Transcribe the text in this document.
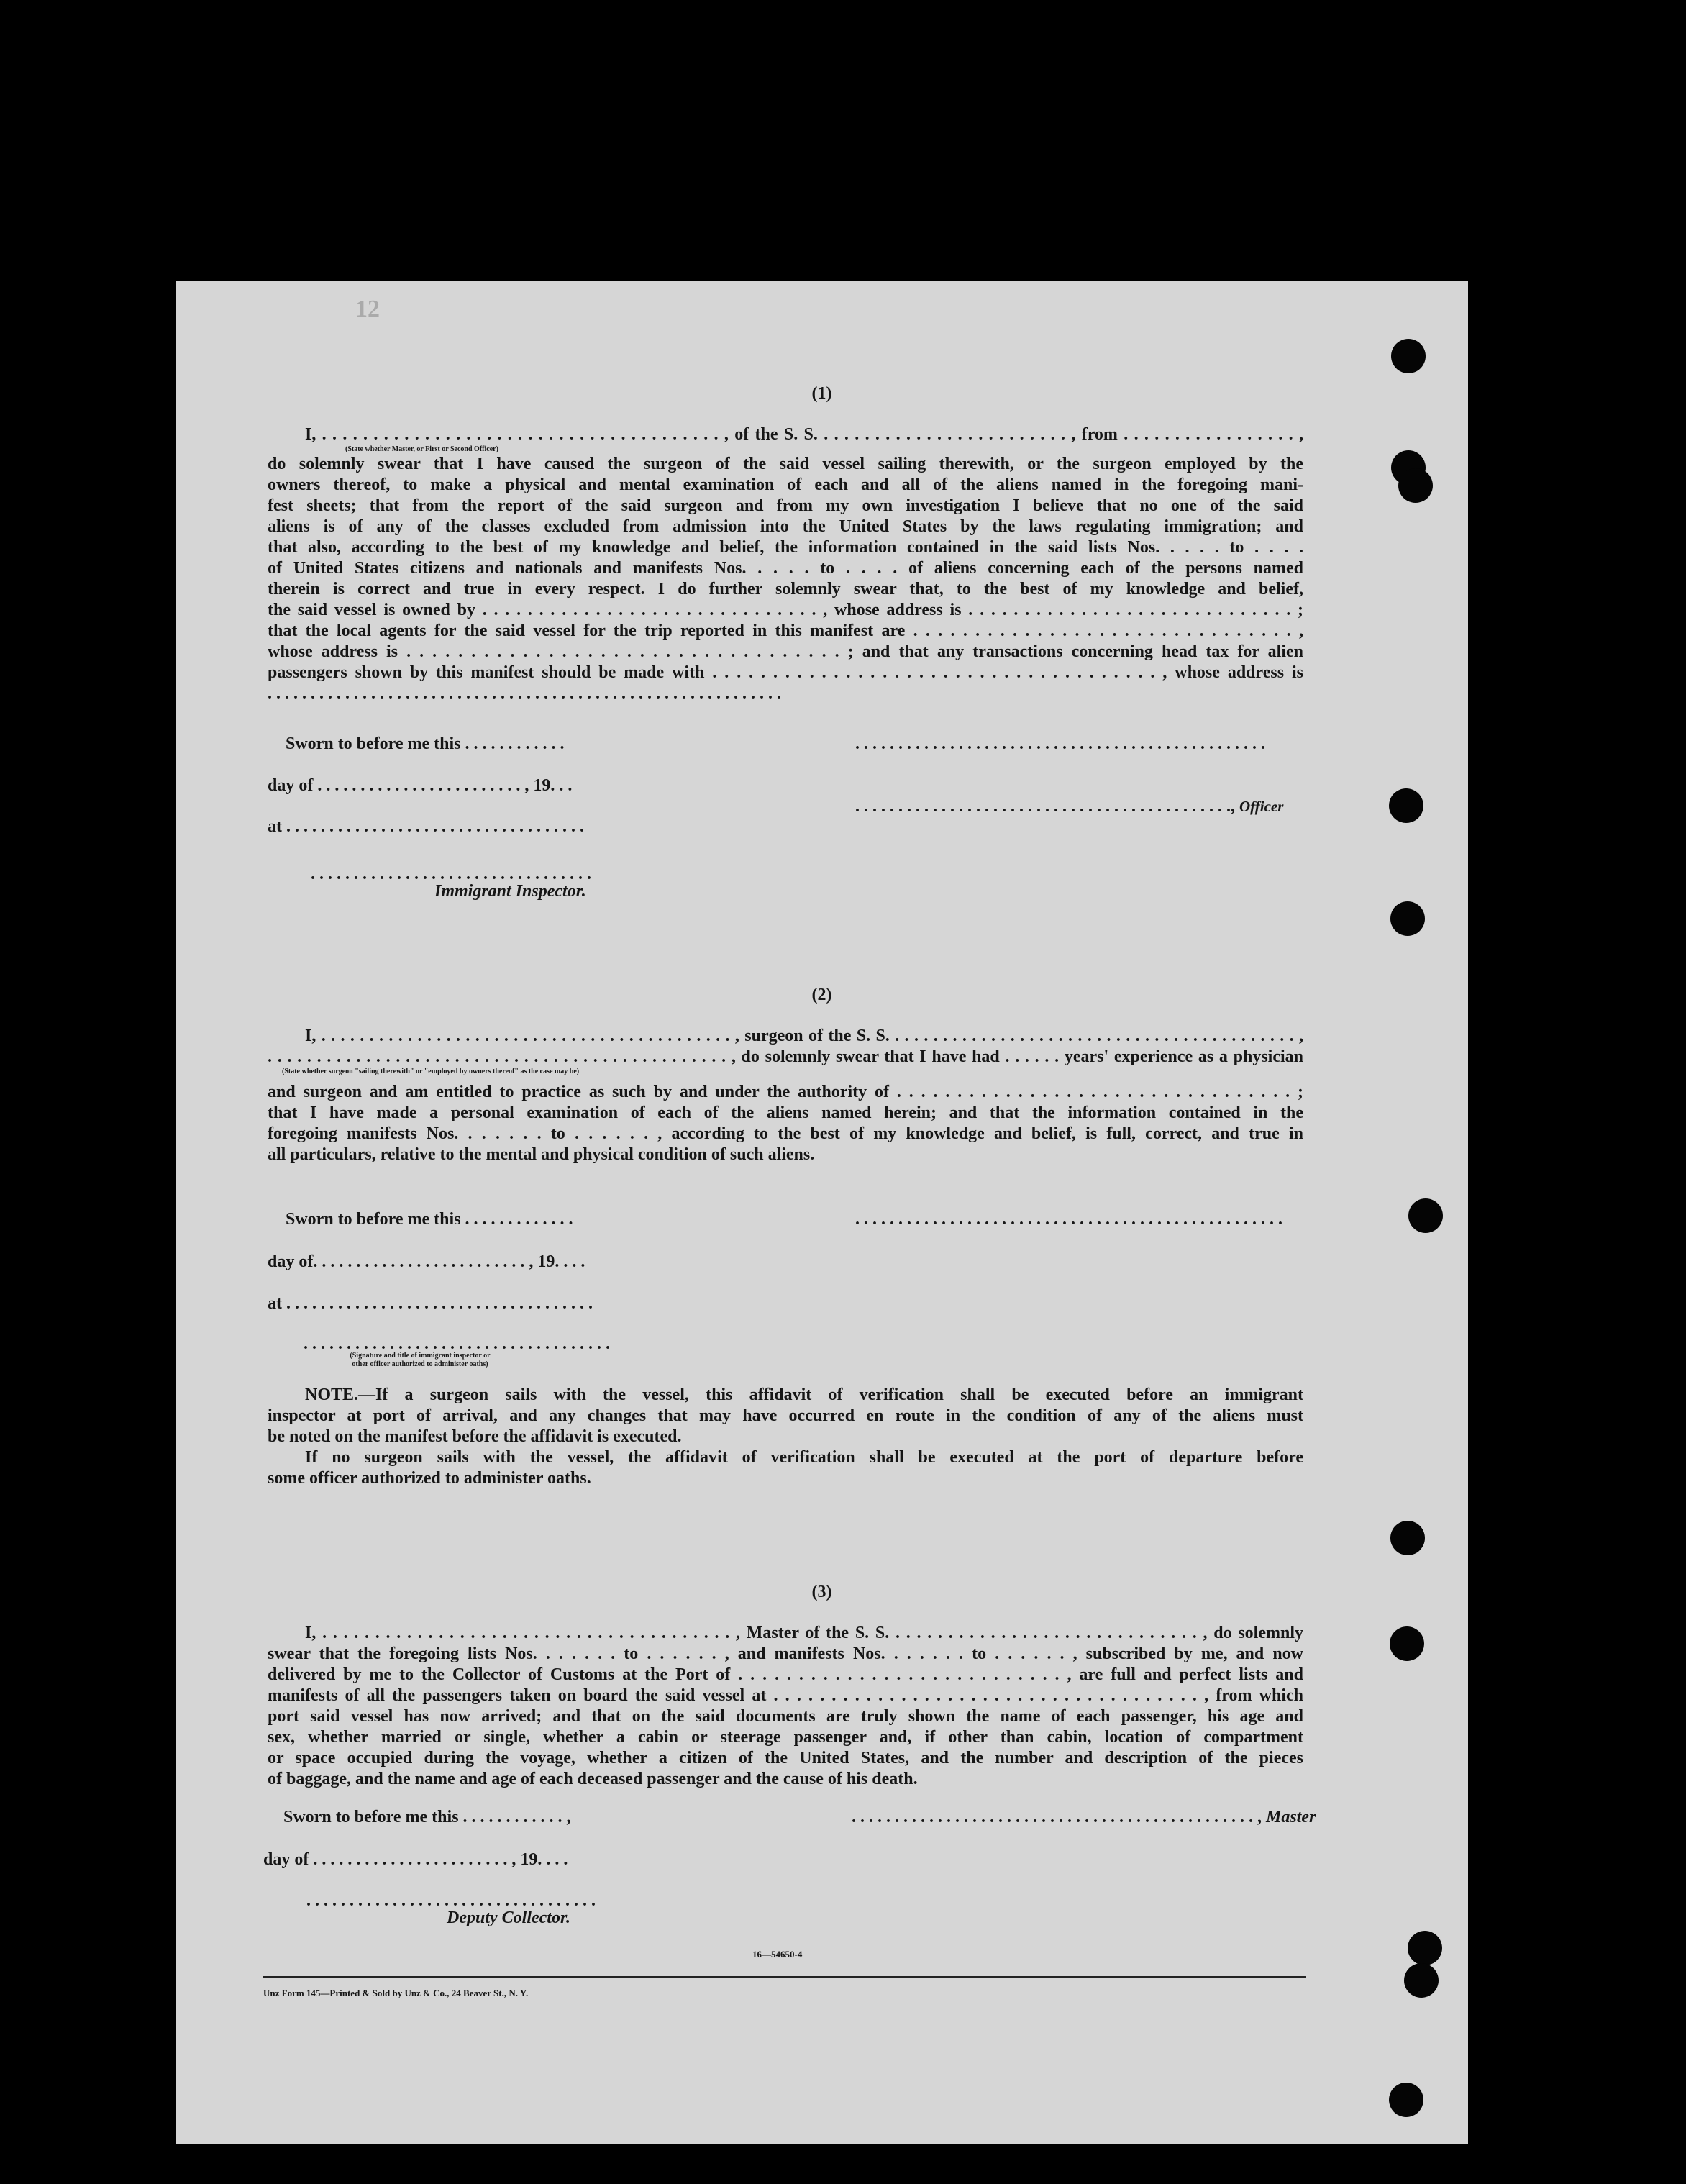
12
(1)
I, . . . . . . . . . . . . . . . . . . . . . . . . . . . . . . . . . . . . . . . , of the S. S. . . . . . . . . . . . . . . . . . . . . . . . . , from . . . . . . . . . . . . . . . . . ,
(State whether Master, or First or Second Officer)
do solemnly swear that I have caused the surgeon of the said vessel sailing therewith, or the surgeon employed by the
owners thereof, to make a physical and mental examination of each and all of the aliens named in the foregoing mani-
fest sheets; that from the report of the said surgeon and from my own investigation I believe that no one of the said
aliens is of any of the classes excluded from admission into the United States by the laws regulating immigration; and
that also, according to the best of my knowledge and belief, the information contained in the said lists Nos. . . . . to . . . .
of United States citizens and nationals and manifests Nos. . . . . to . . . . of aliens concerning each of the persons named
therein is correct and true in every respect. I do further solemnly swear that, to the best of my knowledge and belief,
the said vessel is owned by . . . . . . . . . . . . . . . . . . . . . . . . . . . . . . , whose address is . . . . . . . . . . . . . . . . . . . . . . . . . . . . . ;
that the local agents for the said vessel for the trip reported in this manifest are . . . . . . . . . . . . . . . . . . . . . . . . . . . . . . . ,
whose address is . . . . . . . . . . . . . . . . . . . . . . . . . . . . . . . . . . ; and that any transactions concerning head tax for alien
passengers shown by this manifest should be made with . . . . . . . . . . . . . . . . . . . . . . . . . . . . . . . . . . . . . , whose address is
. . . . . . . . . . . . . . . . . . . . . . . . . . . . . . . . . . . . . . . . . . . . . . . . . . . . . . . . . . . .
Sworn to before me this . . . . . . . . . . . .
day of . . . . . . . . . . . . . . . . . . . . . . . . , 19. . .
at . . . . . . . . . . . . . . . . . . . . . . . . . . . . . . . . . . .
. . . . . . . . . . . . . . . . . . . . . . . . . . . . . . . . .
Immigrant Inspector.
. . . . . . . . . . . . . . . . . . . . . . . . . . . . . . . . . . . . . . . . . . . . . . . .
. . . . . . . . . . . . . . . . . . . . . . . . . . . . . . . . . . . . . . . . . . . ., Officer
(2)
I, . . . . . . . . . . . . . . . . . . . . . . . . . . . . . . . . . . . . . . . . . . . , surgeon of the S. S. . . . . . . . . . . . . . . . . . . . . . . . . . . . . . . . . . . . . . . . . . . ,
. . . . . . . . . . . . . . . . . . . . . . . . . . . . . . . . . . . . . . . . . . . . . . . , do solemnly swear that I have had . . . . . . years' experience as a physician
(State whether surgeon "sailing therewith" or "employed by owners thereof" as the case may be)
and surgeon and am entitled to practice as such by and under the authority of . . . . . . . . . . . . . . . . . . . . . . . . . . . . . . . . . ;
that I have made a personal examination of each of the aliens named herein; and that the information contained in the
foregoing manifests Nos. . . . . . . to . . . . . . , according to the best of my knowledge and belief, is full, correct, and true in
all particulars, relative to the mental and physical condition of such aliens.
Sworn to before me this . . . . . . . . . . . . .
day of. . . . . . . . . . . . . . . . . . . . . . . . . , 19. . . .
at . . . . . . . . . . . . . . . . . . . . . . . . . . . . . . . . . . . .
. . . . . . . . . . . . . . . . . . . . . . . . . . . . . . . . . . . .
(Signature and title of immigrant inspector or
other officer authorized to administer oaths)
. . . . . . . . . . . . . . . . . . . . . . . . . . . . . . . . . . . . . . . . . . . . . . . . . .
NOTE.—If a surgeon sails with the vessel, this affidavit of verification shall be executed before an immigrant
inspector at port of arrival, and any changes that may have occurred en route in the condition of any of the aliens must
be noted on the manifest before the affidavit is executed.
If no surgeon sails with the vessel, the affidavit of verification shall be executed at the port of departure before
some officer authorized to administer oaths.
(3)
I, . . . . . . . . . . . . . . . . . . . . . . . . . . . . . . . . . . . . . . . , Master of the S. S. . . . . . . . . . . . . . . . . . . . . . . . . . . . . . , do solemnly
swear that the foregoing lists Nos. . . . . . . to . . . . . . , and manifests Nos. . . . . . . to . . . . . . , subscribed by me, and now
delivered by me to the Collector of Customs at the Port of . . . . . . . . . . . . . . . . . . . . . . . . . . . , are full and perfect lists and
manifests of all the passengers taken on board the said vessel at . . . . . . . . . . . . . . . . . . . . . . . . . . . . . . . . . . . . . , from which
port said vessel has now arrived; and that on the said documents are truly shown the name of each passenger, his age and
sex, whether married or single, whether a cabin or steerage passenger and, if other than cabin, location of compartment
or space occupied during the voyage, whether a citizen of the United States, and the number and description of the pieces
of baggage, and the name and age of each deceased passenger and the cause of his death.
Sworn to before me this . . . . . . . . . . . . ,
day of . . . . . . . . . . . . . . . . . . . . . . . , 19. . . .
. . . . . . . . . . . . . . . . . . . . . . . . . . . . . . . . . .
Deputy Collector.
. . . . . . . . . . . . . . . . . . . . . . . . . . . . . . . . . . . . . . . . . . . . . . . , Master
16—54650-4
Unz Form 145—Printed & Sold by Unz & Co., 24 Beaver St., N. Y.
